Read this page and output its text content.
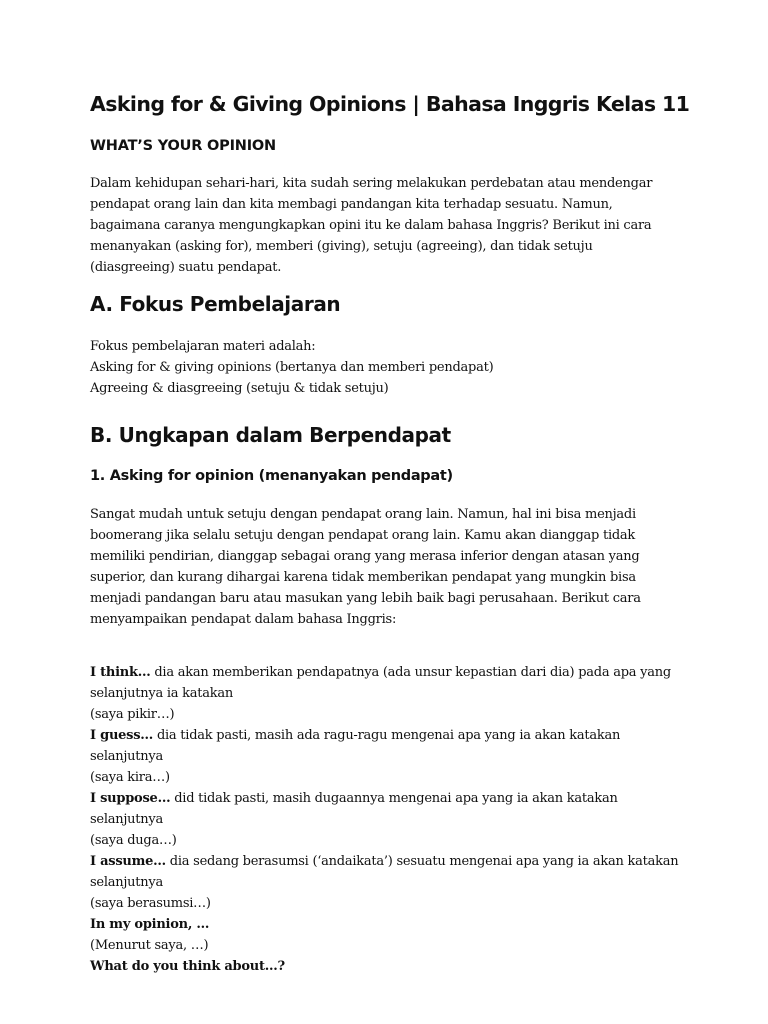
Asking for & Giving Opinions | Bahasa Inggris Kelas 11
WHAT’S YOUR OPINION

Dalam kehidupan sehari-hari, kita sudah sering melakukan perdebatan atau mendengar
pendapat orang lain dan kita membagi pandangan kita terhadap sesuatu. Namun,
bagaimana caranya mengungkapkan opini itu ke dalam bahasa Inggris? Berikut ini cara
menanyakan (asking for), memberi (giving), setuju (agreeing), dan tidak setuju
(diasgreeing) suatu pendapat.

A. Fokus Pembelajaran

Fokus pembelajaran materi adalah:
Asking for & giving opinions (bertanya dan memberi pendapat)
Agreeing & diasgreeing (setuju & tidak setuju)

B. Ungkapan dalam Berpendapat
1. Asking for opinion (menanyakan pendapat)

Sangat mudah untuk setuju dengan pendapat orang lain. Namun, hal ini bisa menjadi
boomerang jika selalu setuju dengan pendapat orang lain. Kamu akan dianggap tidak
memiliki pendirian, dianggap sebagai orang yang merasa inferior dengan atasan yang
superior, dan kurang dihargai karena tidak memberikan pendapat yang mungkin bisa
menjadi pandangan baru atau masukan yang lebih baik bagi perusahaan. Berikut cara
menyampaikan pendapat dalam bahasa Inggris:

I think… dia akan memberikan pendapatnya (ada unsur kepastian dari dia) pada apa yang
selanjutnya ia katakan
(saya pikir…)
I guess… dia tidak pasti, masih ada ragu-ragu mengenai apa yang ia akan katakan
selanjutnya
(saya kira…)
I suppose… did tidak pasti, masih dugaannya mengenai apa yang ia akan katakan
selanjutnya
(saya duga…)
I assume… dia sedang berasumsi (‘andaikata’) sesuatu mengenai apa yang ia akan katakan
selanjutnya
(saya berasumsi…)
In my opinion, …
(Menurut saya, …)
What do you think about…?
